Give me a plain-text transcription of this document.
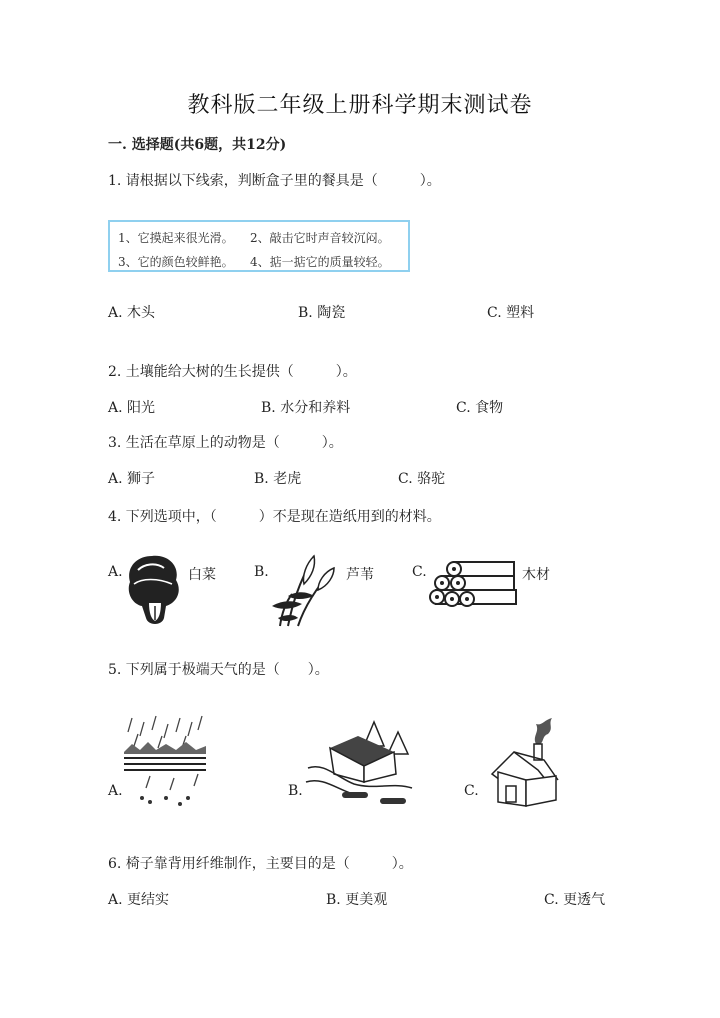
教科版二年级上册科学期末测试卷
一. 选择题(共6题，共12分)
1. 请根据以下线索，判断盒子里的餐具是（　　　）。
1、它摸起来很光滑。 2、敲击它时声音较沉闷。
3、它的颜色较鲜艳。 4、掂一掂它的质量较轻。
A. 木头	B. 陶瓷	C. 塑料
2. 土壤能给大树的生长提供（　　　）。
A. 阳光	B. 水分和养料	C. 食物
3. 生活在草原上的动物是（　　　）。
A. 狮子	B. 老虎	C. 骆驼
4. 下列选项中，（　　　）不是现在造纸用到的材料。
A.	白菜	B.	芦苇	C.	木材
5. 下列属于极端天气的是（　　）。
A.	B.	C.
6. 椅子靠背用纤维制作，主要目的是（　　　）。
A. 更结实	B. 更美观	C. 更透气
